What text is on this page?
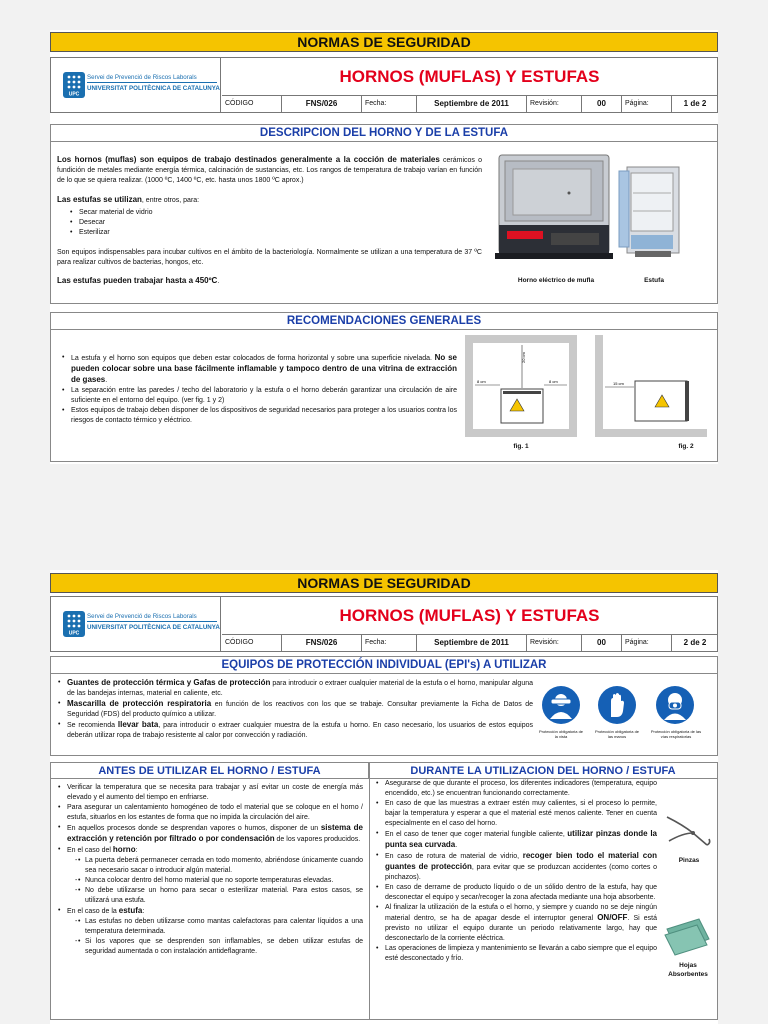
NORMAS DE SEGURIDAD
UPC
Servei de Prevenció de Riscos Laborals
UNIVERSITAT POLITÈCNICA DE CATALUNYA
HORNOS (MUFLAS) Y ESTUFAS
CÓDIGO	FNS/026	Fecha:	Septiembre de 2011	Revisión:	00	Página:	1 de 2
DESCRIPCION DEL HORNO Y DE LA ESTUFA

Los hornos (muflas) son equipos de trabajo destinados generalmente a la cocción de materiales cerámicos o fundición de metales mediante energía térmica, calcinación de sustancias, etc. Los rangos de temperatura de trabajo varían en función de lo que se quiera realizar. (1000 ºC, 1400 ºC, etc. hasta unos 1800 ºC aprox.)

Las estufas se utilizan, entre otros, para:

• Secar material de vidrio
• Desecar
• Esterilizar

Son equipos indispensables para incubar cultivos en el ámbito de la bacteriología. Normalmente se utilizan a una temperatura de 37 ºC para realizar cultivos de bacterias, hongos, etc.

Las estufas pueden trabajar hasta a 450ºC.	Horno eléctrico de mufla	Estufa
RECOMENDACIONES GENERALES
• La estufa y el horno son equipos que deben estar colocados de forma horizontal y sobre una superficie nivelada. No se pueden colocar sobre una base fácilmente inflamable y tampoco dentro de una vitrina de extracción de gases.
• La separación entre las paredes / techo del laboratorio y la estufa o el horno deberán garantizar una circulación de aire suficiente en el entorno del equipo. (ver fig. 1 y 2)
• Estos equipos de trabajo deben disponer de los dispositivos de seguridad necesarios para proteger a los usuarios contra los riesgos de contacto térmico y eléctrico.
20 cm
8 cm	8 cm
fig. 1
15 cm
fig. 2
NORMAS DE SEGURIDAD
UPC
Servei de Prevenció de Riscos Laborals
UNIVERSITAT POLITÈCNICA DE CATALUNYA
HORNOS (MUFLAS) Y ESTUFAS
CÓDIGO	FNS/026	Fecha:	Septiembre de 2011	Revisión:	00	Página:	2 de 2
EQUIPOS DE PROTECCIÓN INDIVIDUAL (EPI's) A UTILIZAR
• Guantes de protección térmica y Gafas de protección para introducir o extraer cualquier material de la estufa o el horno, manipular alguna de las bandejas internas, material en caliente, etc.
• Mascarilla de protección respiratoria en función de los reactivos con los que se trabaje. Consultar previamente la Ficha de Datos de Seguridad (FDS) del producto químico a utilizar.
• Se recomienda llevar bata, para introducir o extraer cualquier muestra de la estufa u horno. En caso necesario, los usuarios de estos equipos deberán utilizar ropa de trabajo resistente al calor por convección y radiación.
Protección obligatoria de la vista
Protección obligatoria de las manos
Protección obligatoria de las vías respiratorias
ANTES DE UTILIZAR EL HORNO / ESTUFA	DURANTE LA UTILIZACION DEL HORNO / ESTUFA
• Verificar la temperatura que se necesita para trabajar y así evitar un coste de energía más elevado y el aumento del tiempo en enfriarse.
• Para asegurar un calentamiento homogéneo de todo el material que se coloque en el horno / estufa, situarlos en los estantes de forma que no impida la circulación del aire.
• En aquellos procesos donde se desprendan vapores o humos, disponer de un sistema de extracción y retención por filtrado o por condensación de los vapores producidos.
• En el caso del horno:
• - La puerta deberá permanecer cerrada en todo momento, abriéndose únicamente cuando sea necesario sacar o introducir algún material.
• - Nunca colocar dentro del horno material que no soporte temperaturas elevadas.
• - No debe utilizarse un horno para secar o esterilizar material. Para estos casos, se utilizará una estufa.
• En el caso de la estufa:
• - Las estufas no deben utilizarse como mantas calefactoras para calentar líquidos a una temperatura determinada.
• - Si los vapores que se desprenden son inflamables, se deben utilizar estufas de seguridad aumentada o con instalación antideflagrante.
• Asegurarse de que durante el proceso, los diferentes indicadores (temperatura, equipo encendido, etc.) se encuentran funcionando correctamente.
• En caso de que las muestras a extraer estén muy calientes, si el proceso lo permite, bajar la temperatura y esperar a que el material esté menos caliente. Tener en cuenta especialmente en el caso del horno.
• En el caso de tener que coger material fungible caliente, utilizar pinzas donde la punta sea curvada.
• En caso de rotura de material de vidrio, recoger bien todo el material con guantes de protección, para evitar que se produzcan accidentes (como cortes o pinchazos).
• En caso de derrame de producto líquido o de un sólido dentro de la estufa, hay que desconectar el equipo y secar/recoger la zona afectada mediante una hoja absorbente.
• Al finalizar la utilización de la estufa o el horno, y siempre y cuando no se deje ningún material dentro, se ha de apagar desde el interruptor general ON/OFF. Si está previsto no utilizar el equipo durante un periodo relativamente largo, hay que desconectarlo de la corriente eléctrica.
• Las operaciones de limpieza y mantenimiento se llevarán a cabo siempre que el equipo esté desconectado y frío.
Pinzas
Hojas Absorbentes
